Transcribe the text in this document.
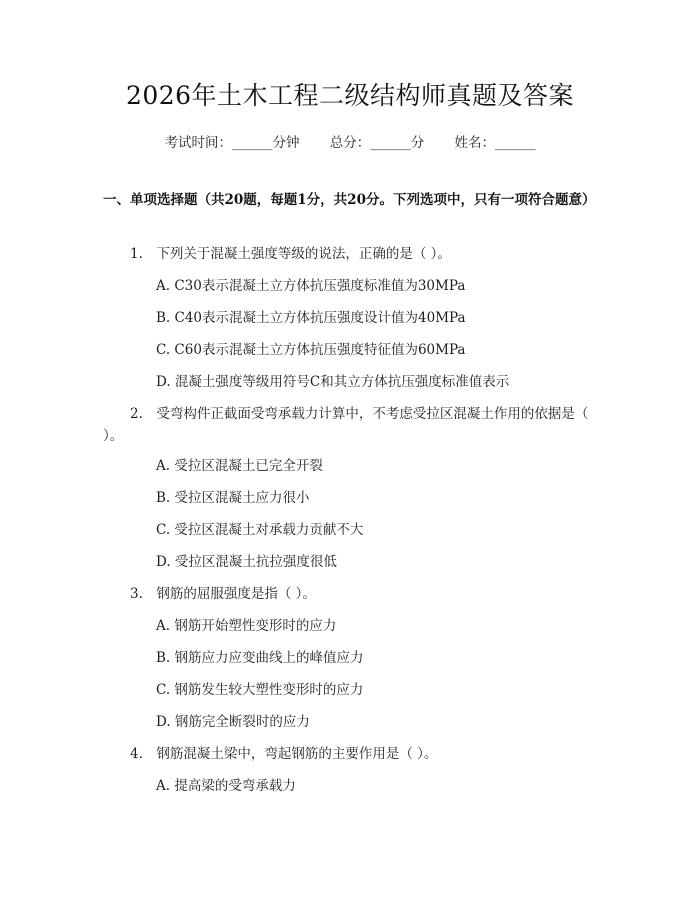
2026年土木工程二级结构师真题及答案
考试时间：______分钟 总分：______分 姓名：______
一、单项选择题（共20题，每题1分，共20分。下列选项中，只有一项符合题意）
1.　下列关于混凝土强度等级的说法，正确的是（ ）。
A. C30表示混凝土立方体抗压强度标准值为30MPa
B. C40表示混凝土立方体抗压强度设计值为40MPa
C. C60表示混凝土立方体抗压强度特征值为60MPa
D. 混凝土强度等级用符号C和其立方体抗压强度标准值表示
2.　受弯构件正截面受弯承载力计算中，不考虑受拉区混凝土作用的依据是（ ）。
A. 受拉区混凝土已完全开裂
B. 受拉区混凝土应力很小
C. 受拉区混凝土对承载力贡献不大
D. 受拉区混凝土抗拉强度很低
3.　钢筋的屈服强度是指（ ）。
A. 钢筋开始塑性变形时的应力
B. 钢筋应力应变曲线上的峰值应力
C. 钢筋发生较大塑性变形时的应力
D. 钢筋完全断裂时的应力
4.　钢筋混凝土梁中，弯起钢筋的主要作用是（ ）。
A. 提高梁的受弯承载力
